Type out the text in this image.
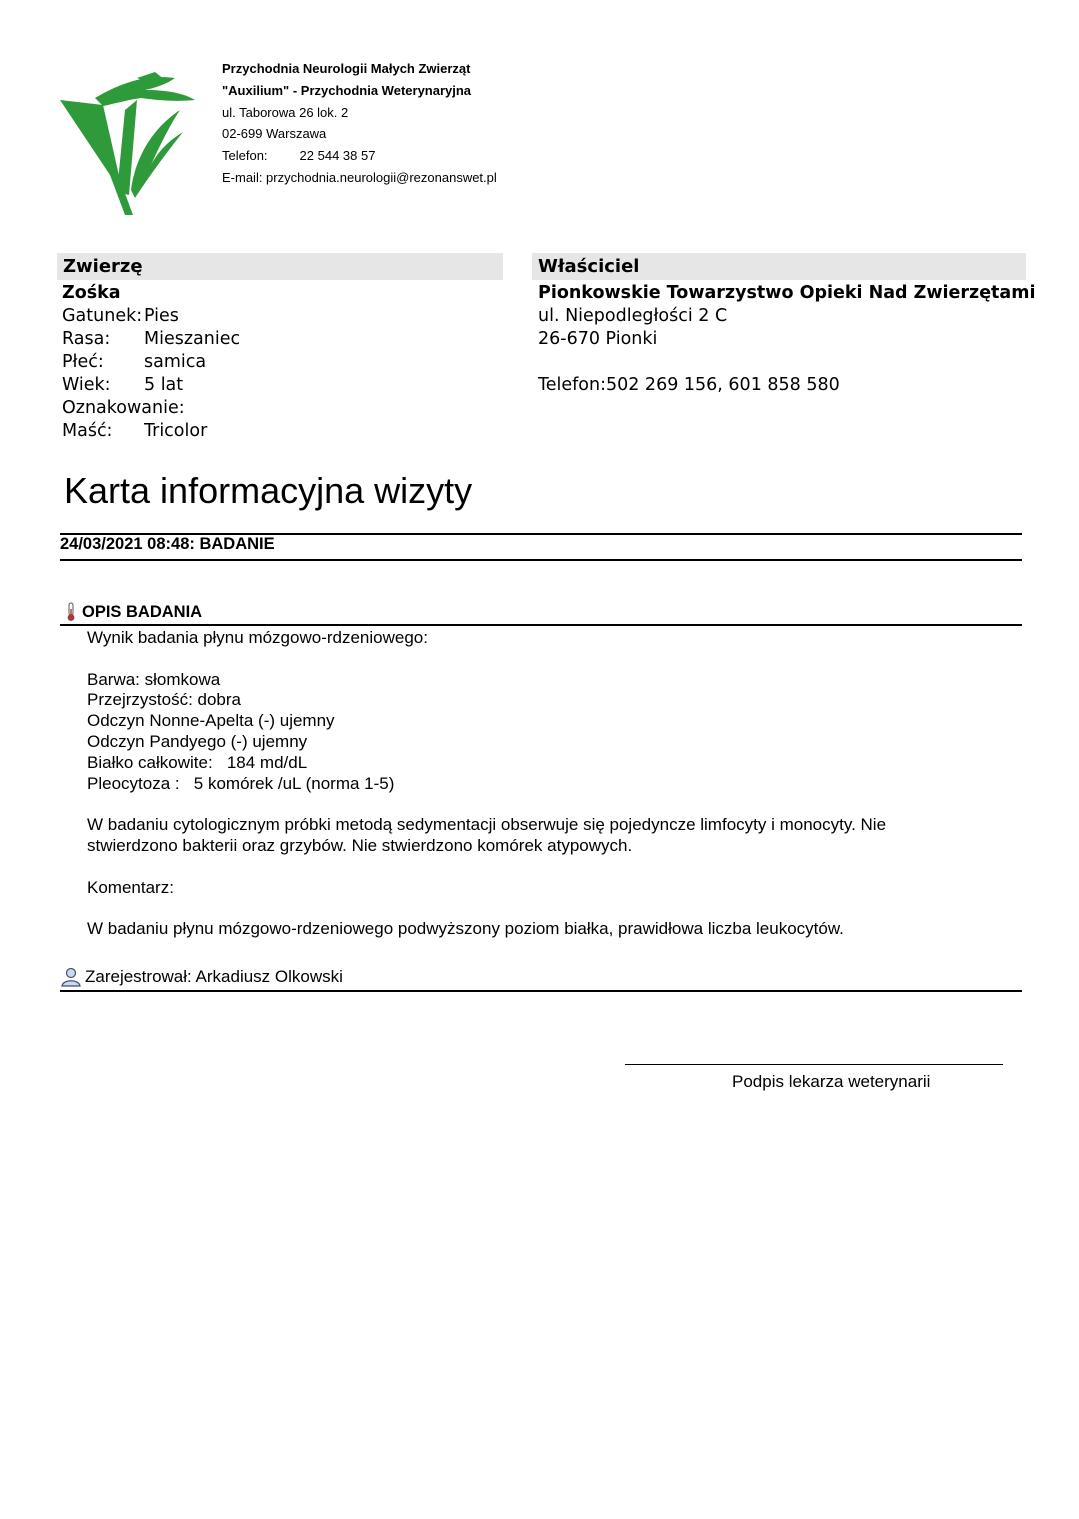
Przychodnia Neurologii Małych Zwierząt
"Auxilium" - Przychodnia Weterynaryjna
ul. Taborowa 26 lok. 2
02-699 Warszawa
Telefon: 22 544 38 57
E-mail: przychodnia.neurologii@rezonanswet.pl
Zwierzę
Zośka
Gatunek: Pies
Rasa:	Mieszaniec
Płeć:	samica
Wiek:	5 lat
Oznakowanie:
Maść:	Tricolor
Właściciel
Pionkowskie Towarzystwo Opieki Nad Zwierzętami
ul. Niepodległości 2 C
26-670 Pionki
Telefon:502 269 156, 601 858 580
Karta informacyjna wizyty
24/03/2021 08:48: BADANIE
OPIS BADANIA

Wynik badania płynu mózgowo-rdzeniowego:

Barwa: słomkowa

Przejrzystość: dobra

Odczyn Nonne-Apelta (-) ujemny

Odczyn Pandyego (-) ujemny

Białko całkowite:   184 md/dL

Pleocytoza :   5 komórek /uL (norma 1-5)

W badaniu cytologicznym próbki metodą sedymentacji obserwuje się pojedyncze limfocyty i monocyty. Nie

stwierdzono bakterii oraz grzybów. Nie stwierdzono komórek atypowych.

Komentarz:

W badaniu płynu mózgowo-rdzeniowego podwyższony poziom białka, prawidłowa liczba leukocytów.

Zarejestrował: Arkadiusz Olkowski
Podpis lekarza weterynarii
